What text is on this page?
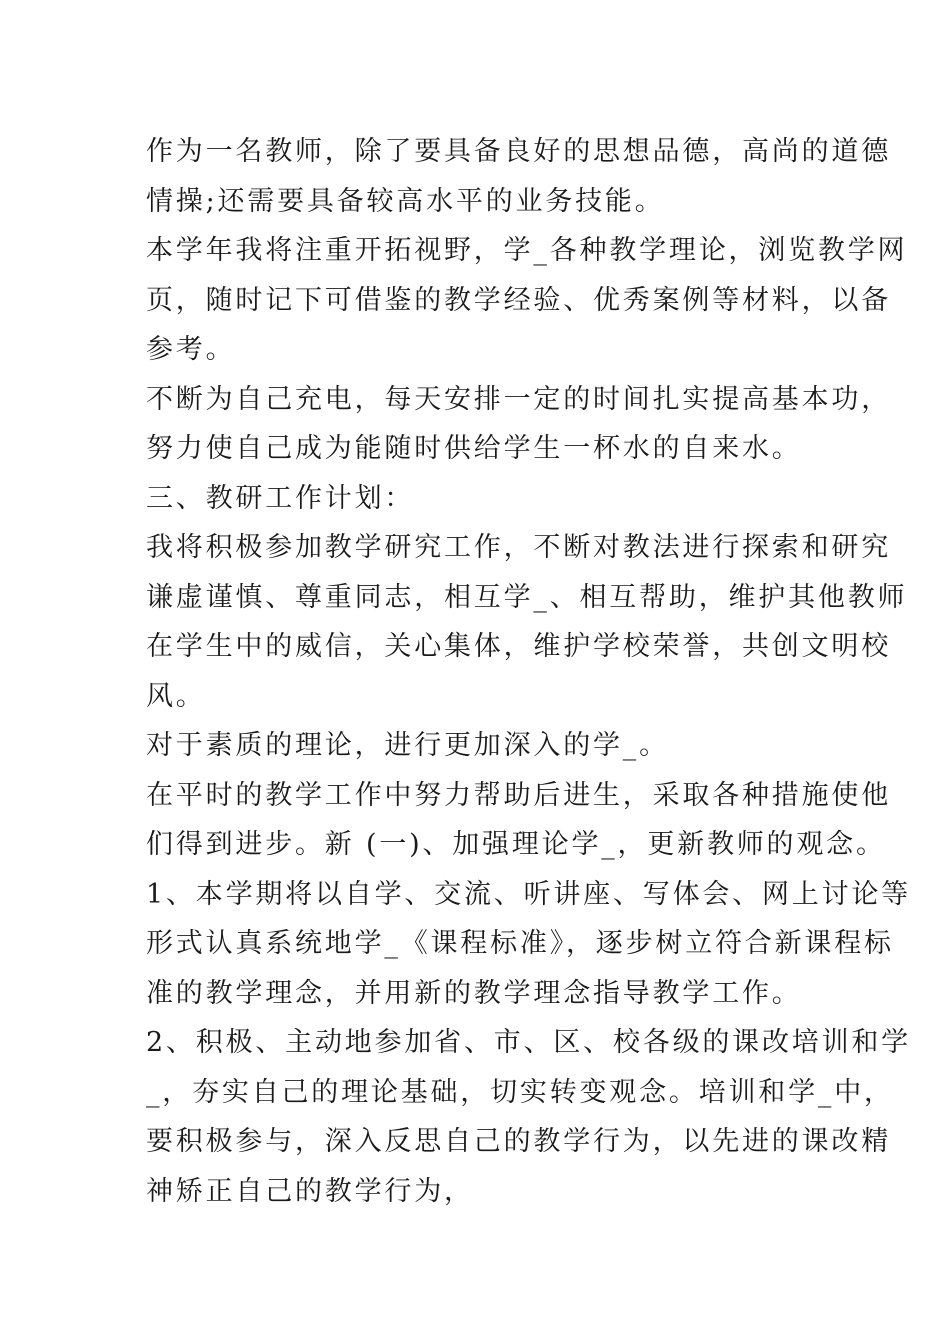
作为一名教师，除了要具备良好的思想品德，高尚的道德
情操;还需要具备较高水平的业务技能。
本学年我将注重开拓视野，学_各种教学理论，浏览教学网
页，随时记下可借鉴的教学经验、优秀案例等材料，以备
参考。
不断为自己充电，每天安排一定的时间扎实提高基本功，
努力使自己成为能随时供给学生一杯水的自来水。
三、教研工作计划：
我将积极参加教学研究工作，不断对教法进行探索和研究
谦虚谨慎、尊重同志，相互学_、相互帮助，维护其他教师
在学生中的威信，关心集体，维护学校荣誉，共创文明校
风。
对于素质的理论，进行更加深入的学_。
在平时的教学工作中努力帮助后进生，采取各种措施使他
们得到进步。新 (一)、加强理论学_，更新教师的观念。
1、本学期将以自学、交流、听讲座、写体会、网上讨论等
形式认真系统地学_《课程标准》，逐步树立符合新课程标
准的教学理念，并用新的教学理念指导教学工作。
2、积极、主动地参加省、市、区、校各级的课改培训和学
_，夯实自己的理论基础，切实转变观念。培训和学_中，
要积极参与，深入反思自己的教学行为，以先进的课改精
神矫正自己的教学行为，
